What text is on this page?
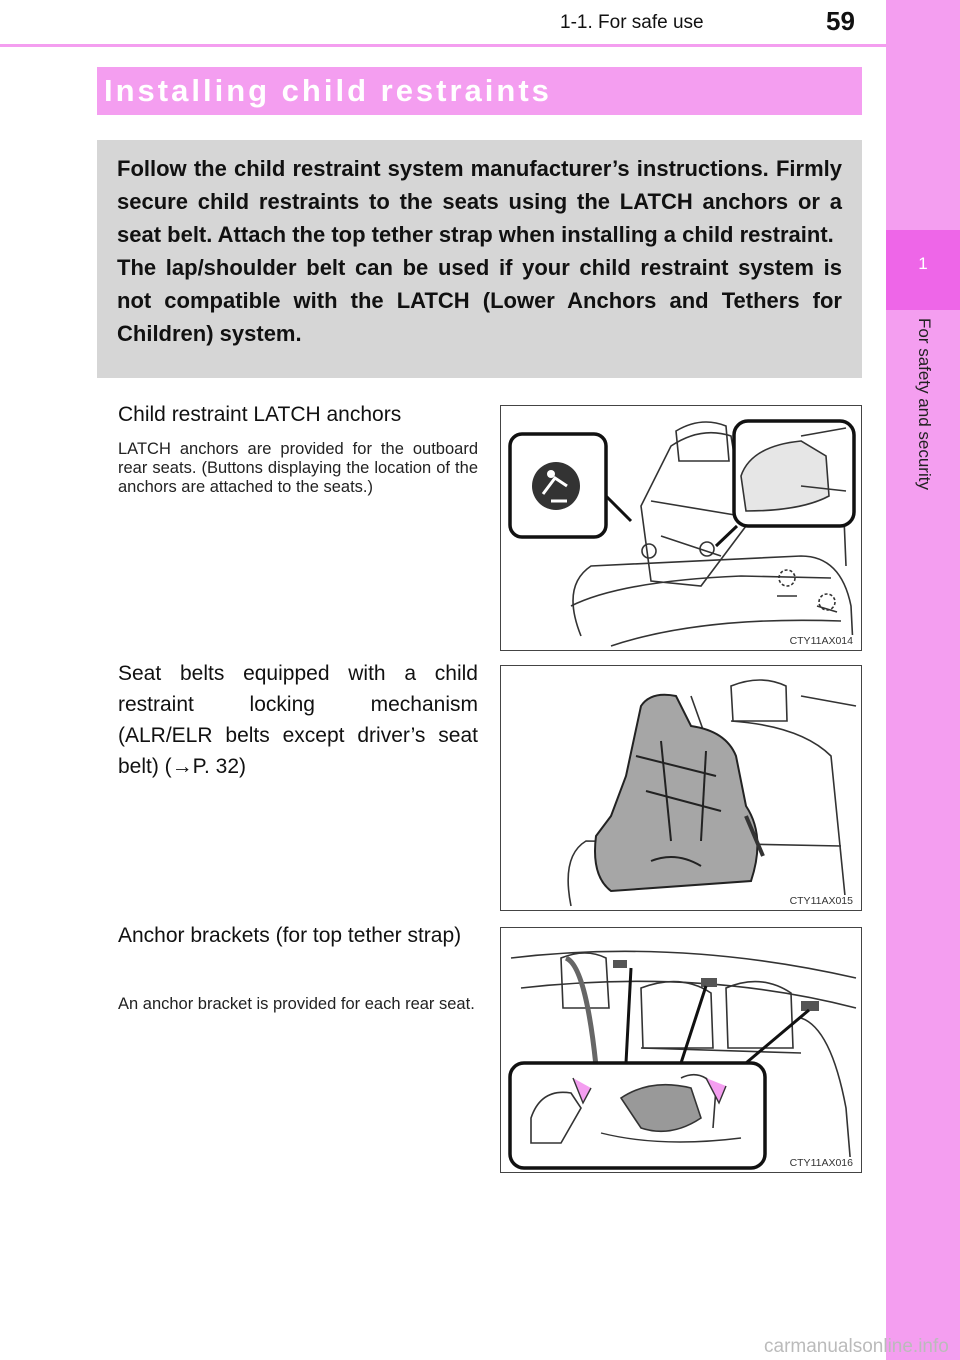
1-1. For safe use	59
1
For safety and security
Installing child restraints

Follow the child restraint system manufacturer’s instructions. Firmly secure child restraints to the seats using the LATCH anchors or a seat belt. Attach the top tether strap when installing a child restraint.

The lap/shoulder belt can be used if your child restraint system is not compatible with the LATCH (Lower Anchors and Tethers for Children) system.

Child restraint LATCH anchors
LATCH anchors are provided for the outboard rear seats. (Buttons displaying the location of the anchors are attached to the seats.)
CTY11AX014
Seat belts equipped with a child restraint locking mechanism (ALR/ELR belts except driver’s seat belt) (→P. 32)
CTY11AX015
Anchor brackets (for top tether strap)
An anchor bracket is provided for each rear seat.
CTY11AX016
carmanualsonline.info
